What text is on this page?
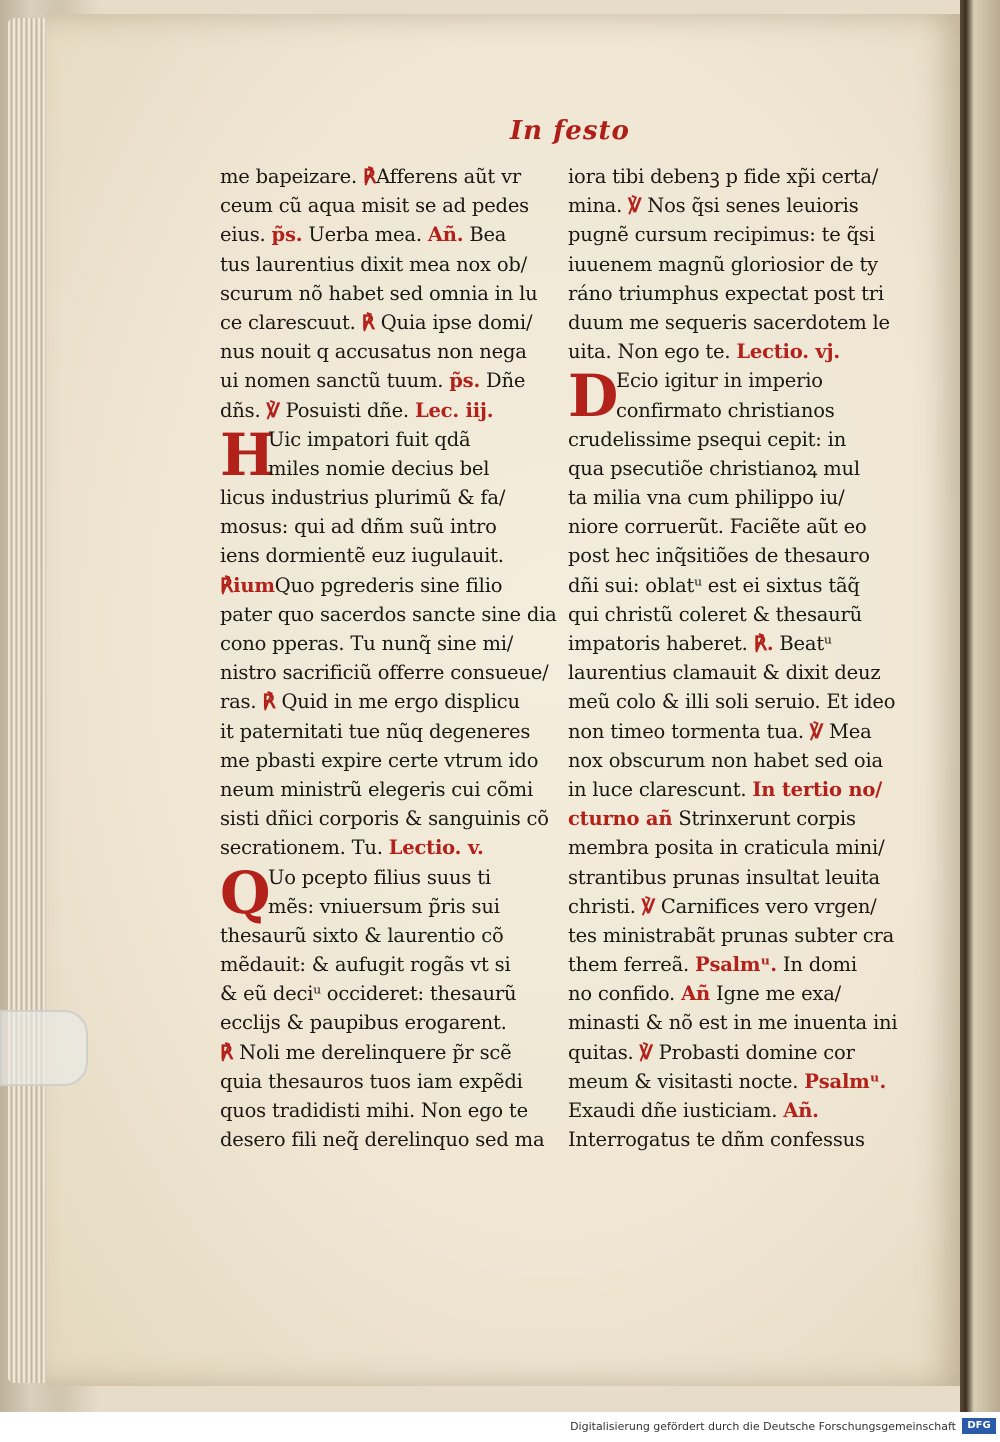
In festo
me bapeizare. ℟Afferens aũt vr
ceum cũ aqua misit se ad pedes
eius. p̃s. Uerba mea. Añ. Bea
tus laurentius dixit mea nox ob/
scurum nõ habet sed omnia in lu
ce clarescuut. ℟ Quia ipse domi/
nus nouit q accusatus non nega
ui nomen sanctũ tuum. p̃s. Dñe
dñs. ℣ Posuisti dñe. Lec. iij.
HUic impatori fuit qdã
miles nomie decius bel
licus industrius plurimũ & fa/
mosus: qui ad dñm suũ intro
iens dormientẽ euz iugulauit.
℟iumQuo pgrederis sine filio
pater quo sacerdos sancte sine dia
cono pperas. Tu nunq̃ sine mi/
nistro sacrificiũ offerre consueue/
ras. ℟ Quid in me ergo displicu
it paternitati tue nũq degeneres
me pbasti expire certe vtrum ido
neum ministrũ elegeris cui cõmi
sisti dñici corporis & sanguinis cõ
secrationem. Tu. Lectio. v.
QUo pcepto filius suus ti
mẽs: vniuersum p̃ris sui
thesaurũ sixto & laurentio cõ
mẽdauit: & aufugit rogãs vt si
& eũ deciᵘ occideret: thesaurũ
ecclijs & paupibus erogarent.
℟ Noli me derelinquere p̃r scẽ
quia thesauros tuos iam expẽdi
quos tradidisti mihi. Non ego te
desero fili neq̃ derelinquo sed ma
iora tibi debenꝫ p fide xp̃i certa/
mina. ℣ Nos q̃si senes leuioris
pugnẽ cursum recipimus: te q̃si
iuuenem magnũ gloriosior de ty
ráno triumphus expectat post tri
duum me sequeris sacerdotem le
uita. Non ego te. Lectio. vj.
DEcio igitur in imperio
confirmato christianos
crudelissime psequi cepit: in
qua psecutiõe christianoꝝ mul
ta milia vna cum philippo iu/
niore corruerũt. Faciẽte aũt eo
post hec inq̃sitiões de thesauro
dñi sui: oblatᵘ est ei sixtus tãq̃
qui christũ coleret & thesaurũ
impatoris haberet. ℟. Beatᵘ
laurentius clamauit & dixit deuz
meũ colo & illi soli seruio. Et ideo
non timeo tormenta tua. ℣ Mea
nox obscurum non habet sed oia
in luce clarescunt. In tertio no/
cturno añ Strinxerunt corpis
membra posita in craticula mini/
strantibus prunas insultat leuita
christi. ℣ Carnifices vero vrgen/
tes ministrabãt prunas subter cra
them ferreã. Psalmᵘ. In domi
no confido. Añ Igne me exa/
minasti & nõ est in me inuenta ini
quitas. ℣ Probasti domine cor
meum & visitasti nocte. Psalmᵘ.
Exaudi dñe iusticiam. Añ.
Interrogatus te dñm confessus
Digitalisierung gefördert durch die Deutsche Forschungsgemeinschaft	DFG
